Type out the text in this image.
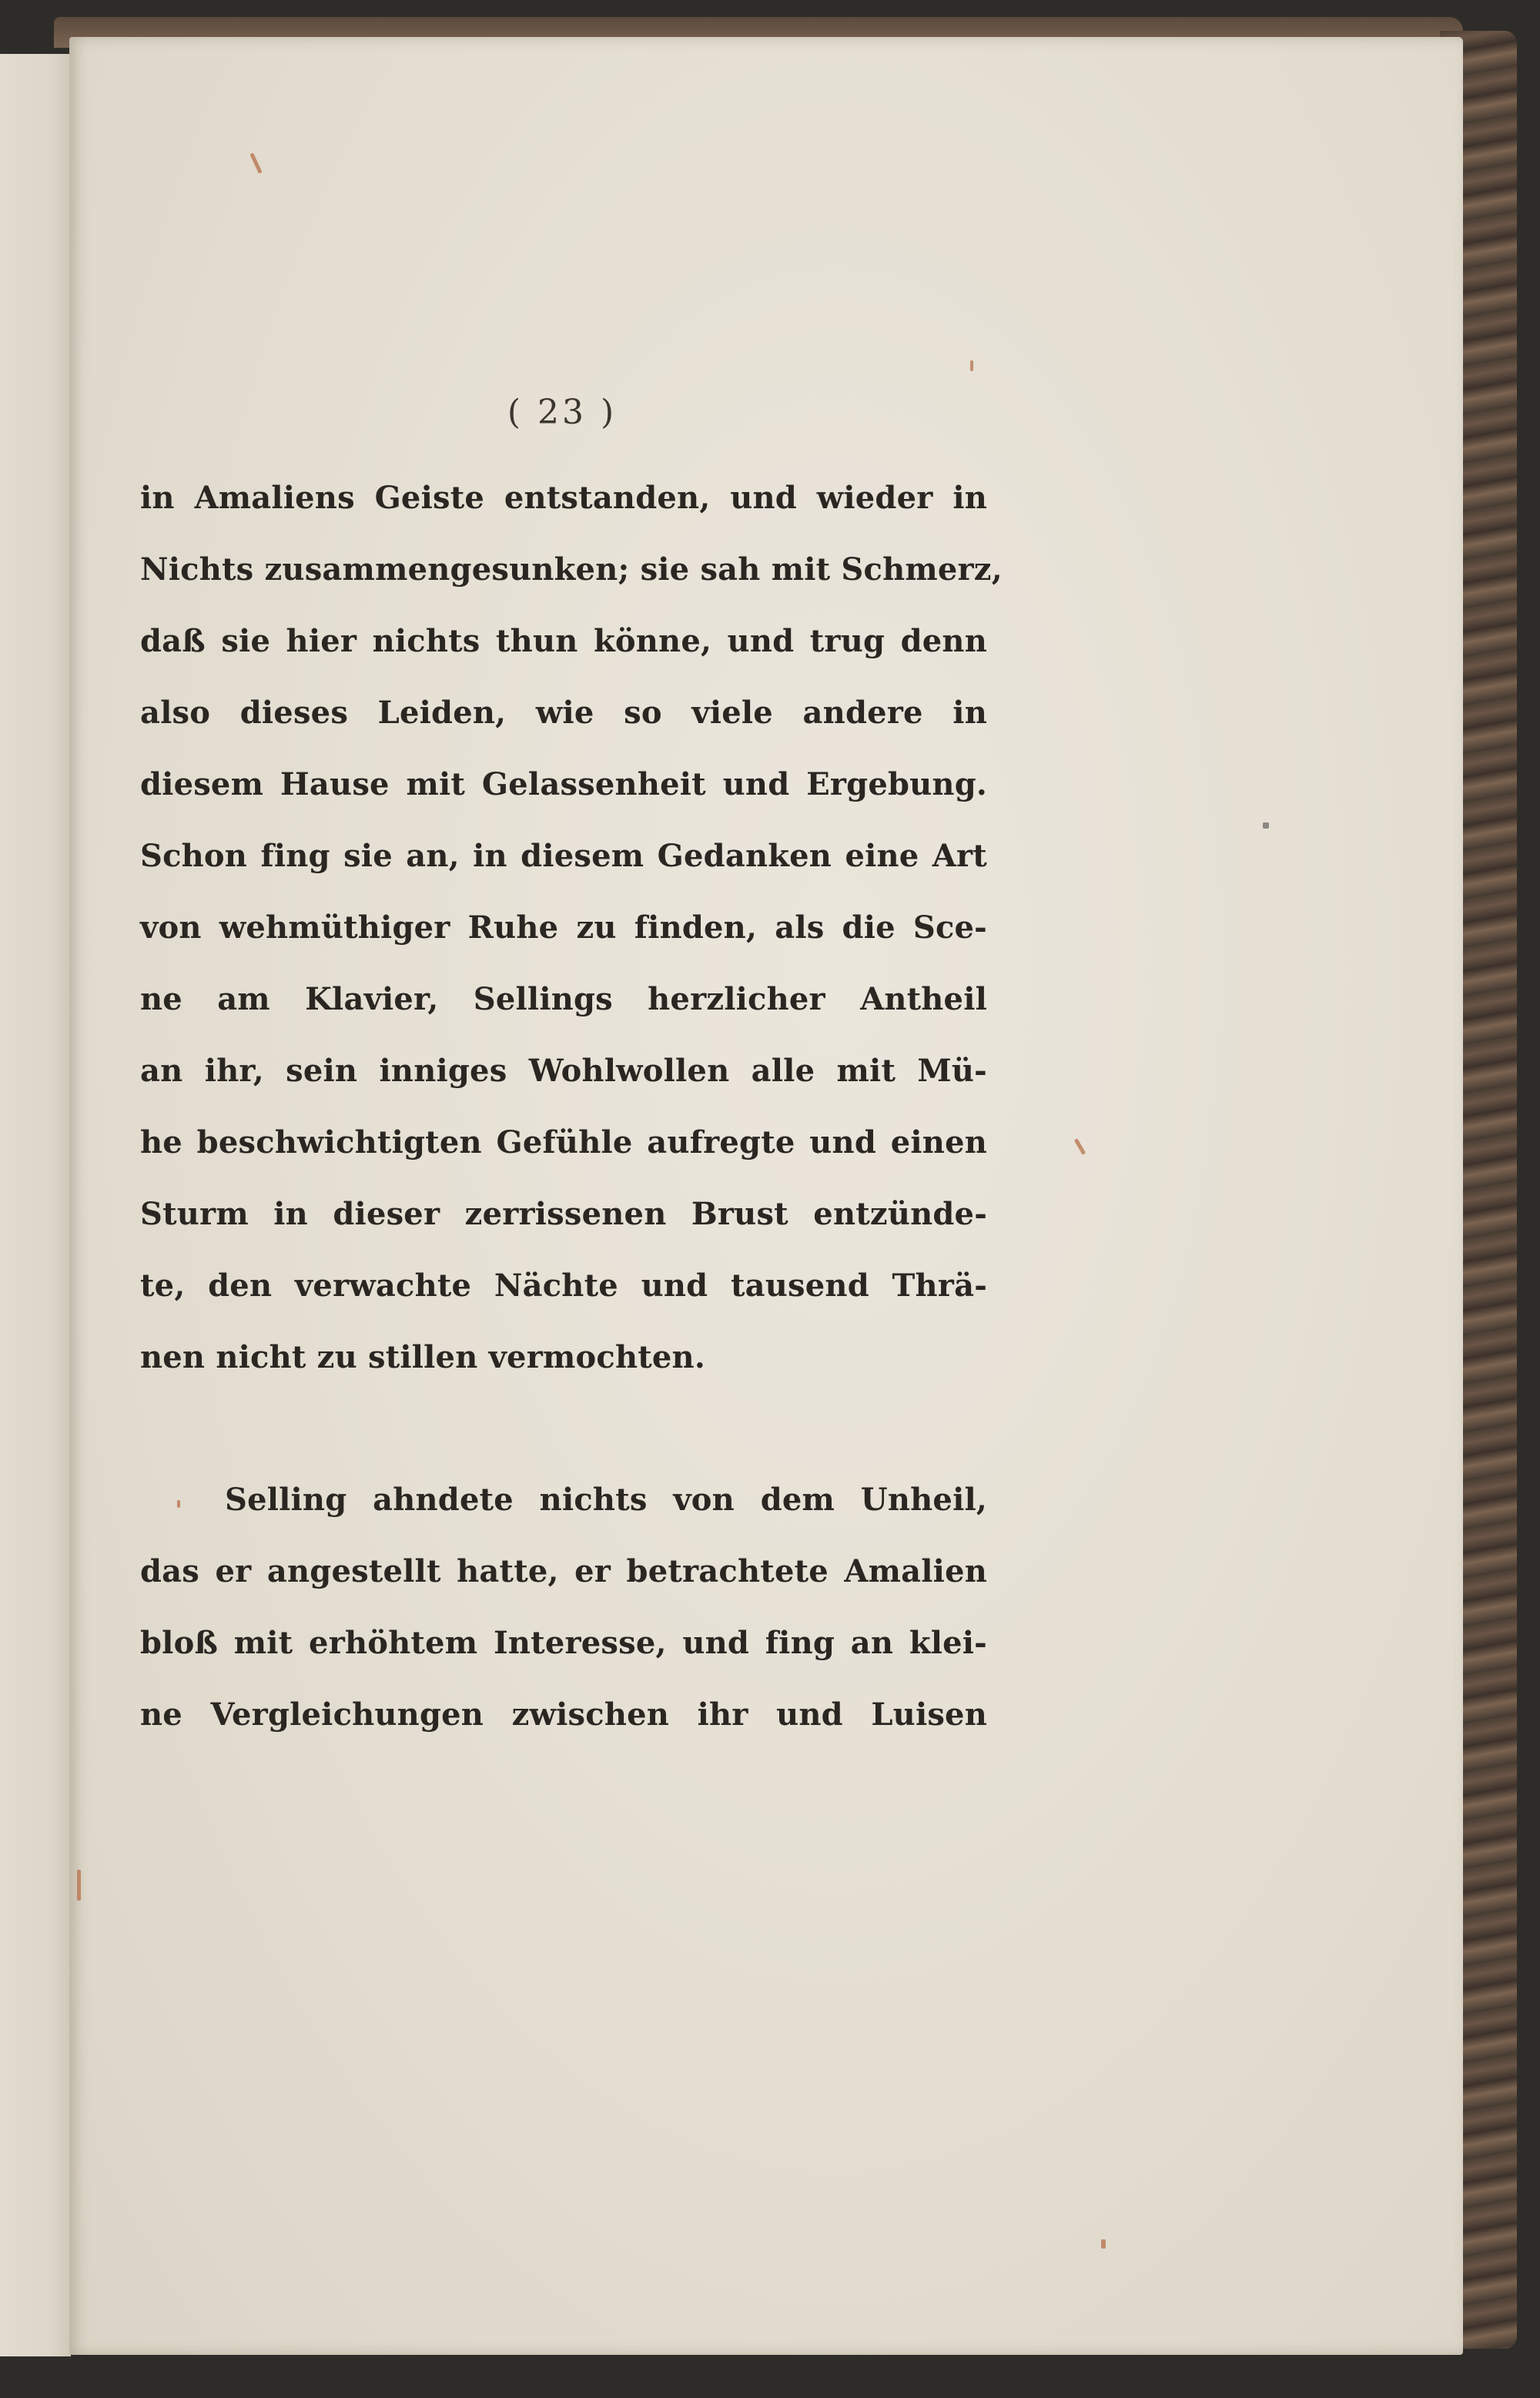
( 23 )
in Amaliens Geiste entstanden, und wieder in
Nichts zusammengesunken; sie sah mit Schmerz,
daß sie hier nichts thun könne, und trug denn
also dieses Leiden, wie so viele andere in
diesem Hause mit Gelassenheit und Ergebung.
Schon fing sie an, in diesem Gedanken eine Art
von wehmüthiger Ruhe zu finden, als die Sce-
ne am Klavier, Sellings herzlicher Antheil
an ihr, sein inniges Wohlwollen alle mit Mü-
he beschwichtigten Gefühle aufregte und einen
Sturm in dieser zerrissenen Brust entzünde-
te, den verwachte Nächte und tausend Thrä-
nen nicht zu stillen vermochten.
Selling ahndete nichts von dem Unheil,
das er angestellt hatte, er betrachtete Amalien
bloß mit erhöhtem Interesse, und fing an klei-
ne Vergleichungen zwischen ihr und Luisen
